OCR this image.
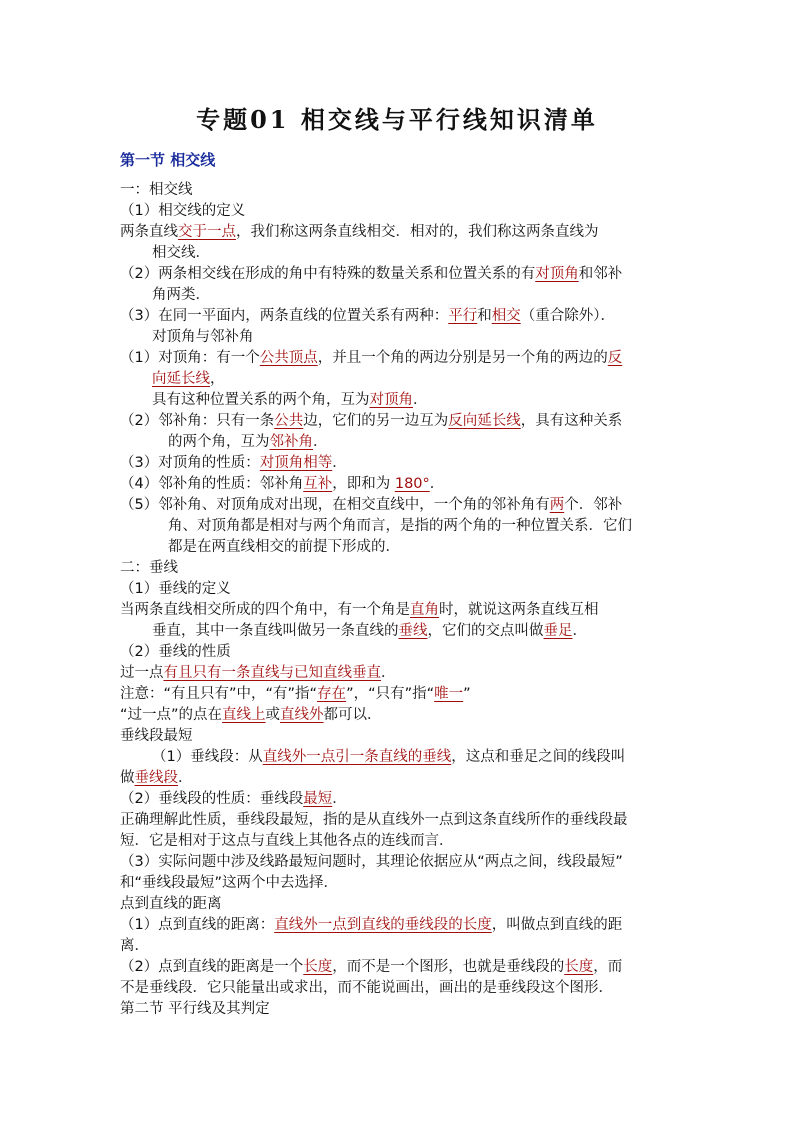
专题01 相交线与平行线知识清单
第一节 相交线
一：相交线
（1）相交线的定义
两条直线交于一点，我们称这两条直线相交．相对的，我们称这两条直线为
相交线．
（2）两条相交线在形成的角中有特殊的数量关系和位置关系的有对顶角和邻补
角两类．
（3）在同一平面内，两条直线的位置关系有两种：平行和相交（重合除外）．
对顶角与邻补角
（1）对顶角：有一个公共顶点，并且一个角的两边分别是另一个角的两边的反
向延长线，
具有这种位置关系的两个角，互为对顶角．
（2）邻补角：只有一条公共边，它们的另一边互为反向延长线，具有这种关系
的两个角，互为邻补角．
（3）对顶角的性质：对顶角相等．
（4）邻补角的性质：邻补角互补，即和为 180°．
（5）邻补角、对顶角成对出现，在相交直线中，一个角的邻补角有两个．邻补
角、对顶角都是相对与两个角而言，是指的两个角的一种位置关系．它们
都是在两直线相交的前提下形成的．
二：垂线
（1）垂线的定义
当两条直线相交所成的四个角中，有一个角是直角时，就说这两条直线互相
垂直，其中一条直线叫做另一条直线的垂线，它们的交点叫做垂足．
（2）垂线的性质
过一点有且只有一条直线与已知直线垂直．
注意：“有且只有”中，“有”指“存在”，“只有”指“唯一”
“过一点”的点在直线上或直线外都可以．
垂线段最短
（1）垂线段：从直线外一点引一条直线的垂线，这点和垂足之间的线段叫
做垂线段．
（2）垂线段的性质：垂线段最短．
正确理解此性质，垂线段最短，指的是从直线外一点到这条直线所作的垂线段最
短．它是相对于这点与直线上其他各点的连线而言．
（3）实际问题中涉及线路最短问题时，其理论依据应从“两点之间，线段最短”
和“垂线段最短”这两个中去选择．
点到直线的距离
（1）点到直线的距离：直线外一点到直线的垂线段的长度，叫做点到直线的距
离．
（2）点到直线的距离是一个长度，而不是一个图形，也就是垂线段的长度，而
不是垂线段．它只能量出或求出，而不能说画出，画出的是垂线段这个图形．
第二节 平行线及其判定
